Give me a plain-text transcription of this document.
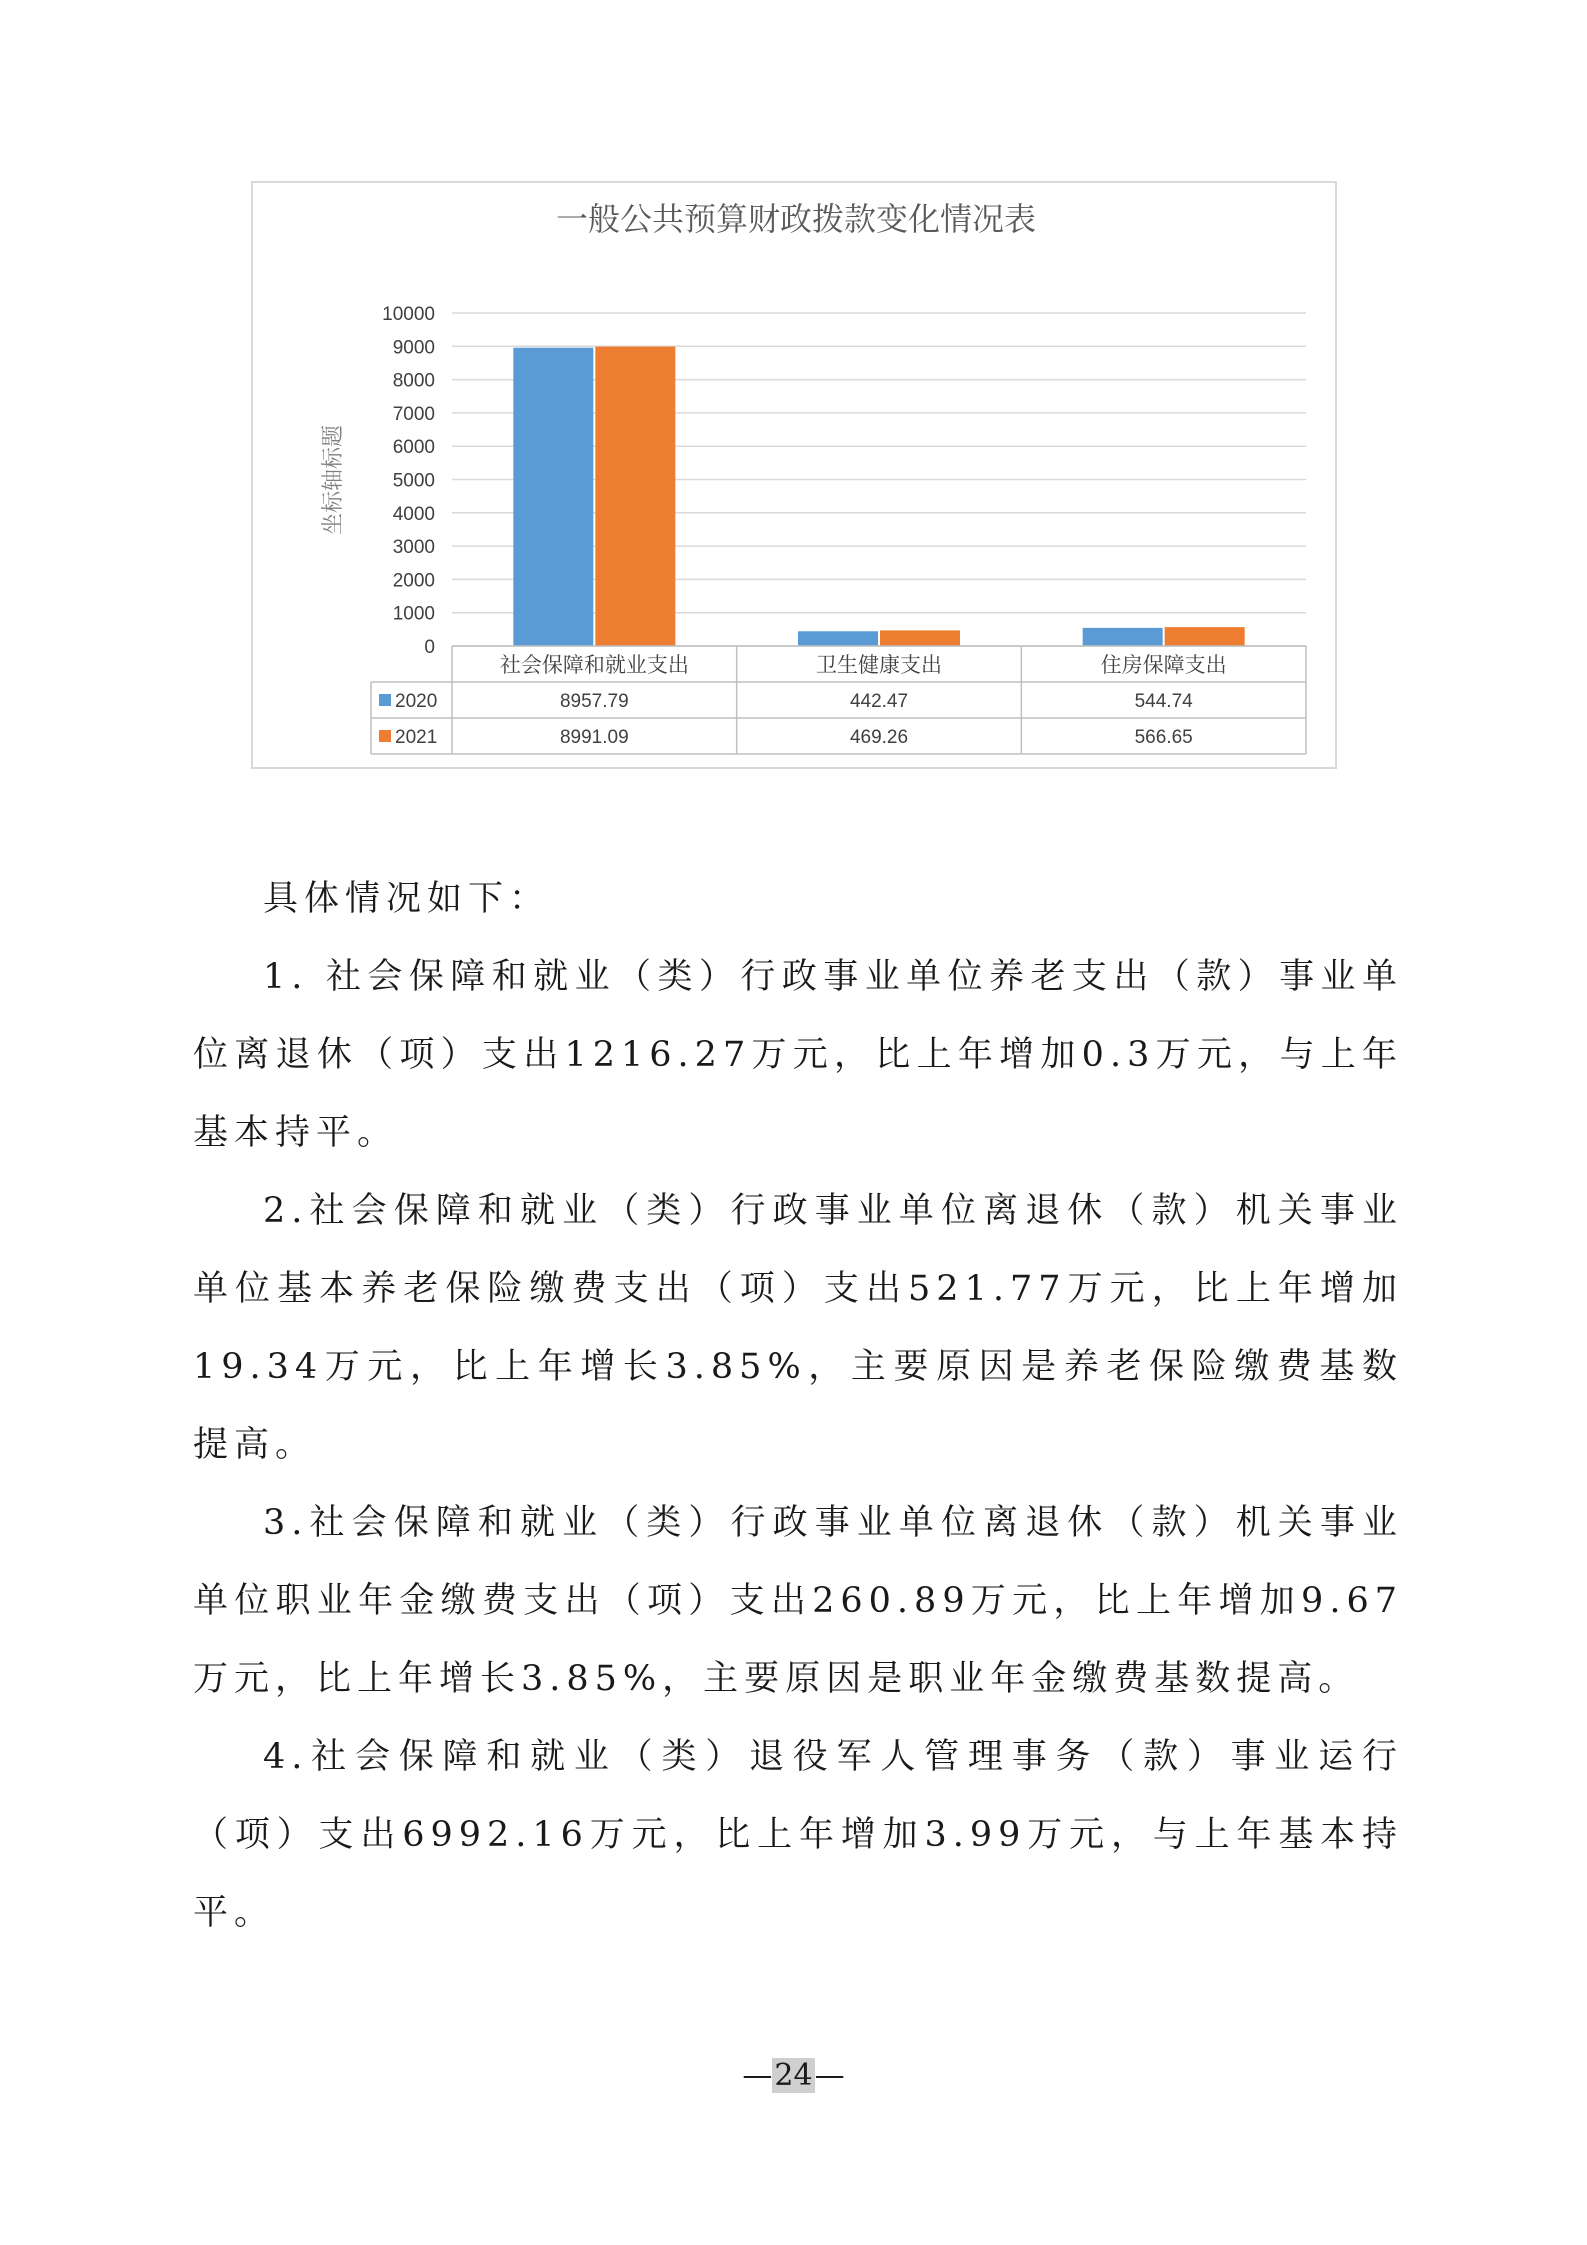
一般公共预算财政拨款变化情况表
0
1000
2000
3000
4000
5000
6000
7000
8000
9000
10000
坐标轴标题
社会保障和就业支出	卫生健康支出	住房保障支出
2020	8957.79	442.47	544.74
2021	8991.09	469.26	566.65

具体情况如下：

1. 社会保障和就业（类）行政事业单位养老支出（款）事业单位离退休（项）支出1216.27万元，比上年增加0.3万元，与上年基本持平。

2.社会保障和就业（类）行政事业单位离退休（款）机关事业单位基本养老保险缴费支出（项）支出521.77万元，比上年增加19.34万元，比上年增长3.85%，主要原因是养老保险缴费基数提高。

3.社会保障和就业（类）行政事业单位离退休（款）机关事业单位职业年金缴费支出（项）支出260.89万元，比上年增加9.67万元，比上年增长3.85%，主要原因是职业年金缴费基数提高。

4.社会保障和就业（类）退役军人管理事务（款）事业运行（项）支出6992.16万元，比上年增加3.99万元，与上年基本持平。

—24—
